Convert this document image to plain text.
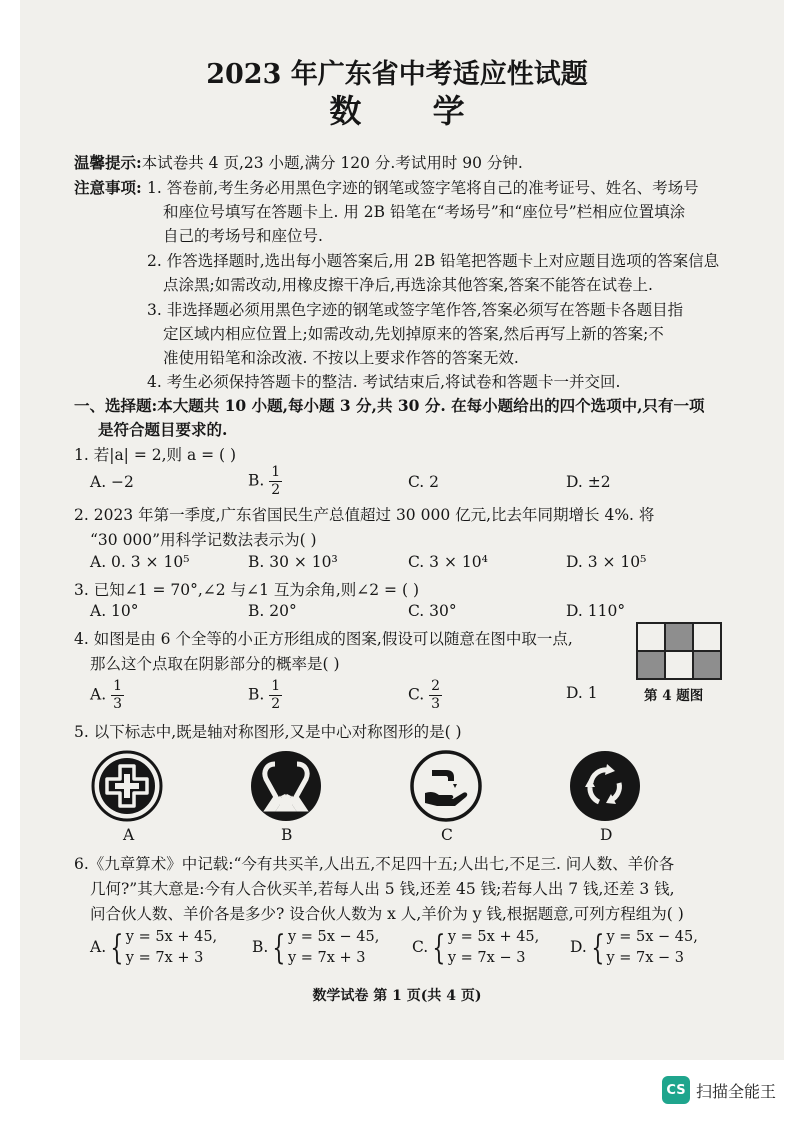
2023 年广东省中考适应性试题
数 学
温馨提示:本试卷共 4 页,23 小题,满分 120 分.考试用时 90 分钟.
注意事项: 1. 答卷前,考生务必用黑色字迹的钢笔或签字笔将自己的准考证号、姓名、考场号
和座位号填写在答题卡上. 用 2B 铅笔在“考场号”和“座位号”栏相应位置填涂
自己的考场号和座位号.
2. 作答选择题时,选出每小题答案后,用 2B 铅笔把答题卡上对应题目选项的答案信息
点涂黑;如需改动,用橡皮擦干净后,再选涂其他答案,答案不能答在试卷上.
3. 非选择题必须用黑色字迹的钢笔或签字笔作答,答案必须写在答题卡各题目指
定区域内相应位置上;如需改动,先划掉原来的答案,然后再写上新的答案;不
准使用铅笔和涂改液. 不按以上要求作答的答案无效.
4. 考生必须保持答题卡的整洁. 考试结束后,将试卷和答题卡一并交回.
一、选择题:本大题共 10 小题,每小题 3 分,共 30 分. 在每小题给出的四个选项中,只有一项
是符合题目要求的.
1. 若|a| = 2,则 a = ( )
A. −2	B. $\frac{1}{2}$	C. 2	D. ±2
2. 2023 年第一季度,广东省国民生产总值超过 30 000 亿元,比去年同期增长 4%. 将
“30 000”用科学记数法表示为( )
A. 0. 3 × 10⁵	B. 30 × 10³	C. 3 × 10⁴	D. 3 × 10⁵
3. 已知∠1 = 70°,∠2 与∠1 互为余角,则∠2 = ( )
A. 10°	B. 20°	C. 30°	D. 110°
4. 如图是由 6 个全等的小正方形组成的图案,假设可以随意在图中取一点,
那么这个点取在阴影部分的概率是( )
A. $\frac{1}{3}$	B. $\frac{1}{2}$	C. $\frac{2}{3}$	D. 1	第 4 题图
5. 以下标志中,既是轴对称图形,又是中心对称图形的是( )
A	B	C	D
6.《九章算术》中记载:“今有共买羊,人出五,不足四十五;人出七,不足三. 问人数、羊价各
几何?”其大意是:今有人合伙买羊,若每人出 5 钱,还差 45 钱;若每人出 7 钱,还差 3 钱,
问合伙人数、羊价各是多少? 设合伙人数为 x 人,羊价为 y 钱,根据题意,可列方程组为( )
A. { y = 5x + 45,
y = 7x + 3
B. { y = 5x − 45,
y = 7x + 3
C. { y = 5x + 45,
y = 7x − 3
D. { y = 5x − 45,
y = 7x − 3
数学试卷 第 1 页(共 4 页)
CS 扫描全能王
